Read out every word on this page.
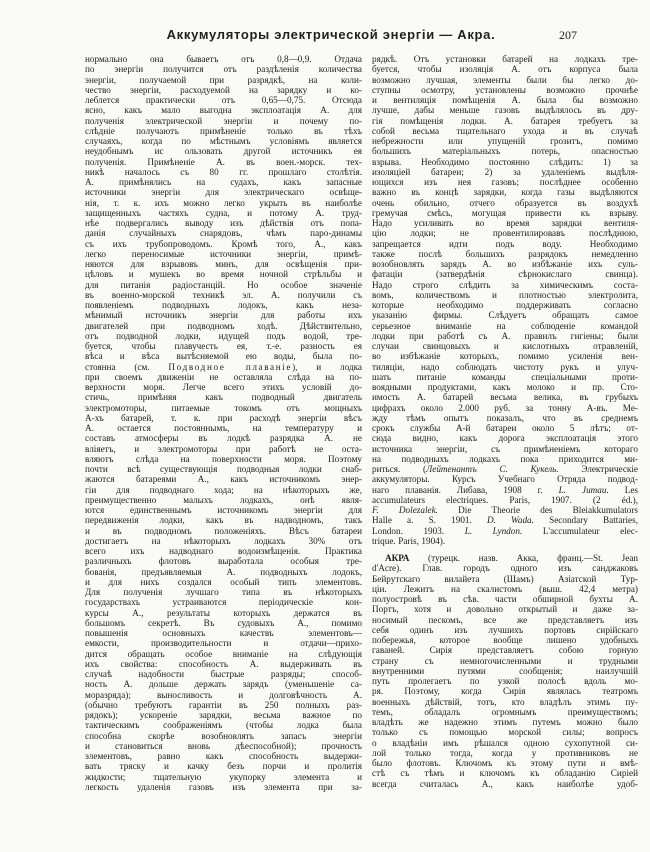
Аккумуляторы электрической энергіи — Акра.	207
нормально она бываетъ отъ 0,8—0,9. Отдача
по энергіи получится отъ раздѣленія количества
энергіи, получаемой при разрядкѣ, на коли-
чество энергіи, расходуемой на зарядку и ко-
леблется практически отъ 0,65—0,75. Отсюда
ясно, какъ мало выгодна эксплоатація А. для
полученія электрической энергіи и почему по-
слѣдніе получаютъ примѣненіе только въ тѣхъ
случаяхъ, когда по мѣстнымъ условіямъ является
неудобнымъ ис ользовать другой источникъ ея
полученія. Примѣненіе А. въ воен.-морск. тех-
никѣ началось съ 80 гг. прошлаго столѣтія.
А. примѣнялись на судахъ, какъ запасные
источники энергіи для электрическаго освѣще-
нія, т. к. ихъ можно легко укрыть въ наиболѣе
защищенныхъ частяхъ судна, и потому А. труд-
нѣе подвергались выводу изъ дѣйствія отъ попа-
данія случайныхъ снарядовъ, чѣмъ паро-динамы
съ ихъ трубопроводомъ. Кромѣ того, А., какъ
легко переносимые источники энергіи, примѣ-
няются для взрывовъ минъ, для освѣщенія при-
цѣловъ и мушекъ во время ночной стрѣльбы и
для питанія радіостанцій. Но особое значеніе
въ военно-морской техникѣ эл. А. получили съ
появленіемъ подводныхъ лодокъ, какъ неза-
мѣнимый источникъ энергіи для работы ихъ
двигателей при подводномъ ходѣ. Дѣйствительно,
отъ подводной лодки, идущей подъ водой, тре-
буется, чтобы плавучесть ея, т.-е. разность ея
вѣса и вѣса вытѣсняемой ею воды, была по-
стоянна (см. Подводное плаваніе), и лодка
при своемъ движеніи не оставляла слѣда на по-
верхности моря. Легче всего этихъ условій до-
стичь, примѣняя какъ подводный двигатель
электромоторы, питаемые токомъ отъ мощныхъ
А-хъ батарей, т. к. при расходѣ энергіи вѣсъ
А. остается постояннымъ, на температуру и
составъ атмосферы въ лодкѣ разрядка А. не
вліяетъ, и электромоторы при работѣ не оста-
вляютъ слѣда на поверхности моря. Поэтому
почти всѣ существующія подводныя лодки снаб-
жаются батареями А., какъ источникомъ энер-
гіи для подводнаго хода; на нѣкоторыхъ же,
преимущественно малыхъ лодкахъ, онѣ явля-
ются единственнымъ источникомъ энергіи для
передвиженія лодки, какъ въ надводномъ, такъ
и въ подводномъ положеніяхъ. Вѣсъ батареи
достигаетъ на нѣкоторыхъ лодкахъ 30% отъ
всего ихъ надводнаго водоизмѣщенія. Практика
различныхъ флотовъ выработала особыя тре-
бованія, предъявляемыя А. подводныхъ лодокъ,
и для нихъ создался особый типъ элементовъ.
Для полученія лучшаго типа въ нѣкоторыхъ
государствахъ устраиваются періодическіе кон-
курсы А., результаты которыхъ держатся въ
большомъ секретѣ. Въ судовыхъ А., помимо
повышенія основныхъ качествъ элементовъ—
емкости, производительности и отдачи—прихо-
дится обращать особое вниманіе на слѣдующія
ихъ свойства: способность А. выдерживать въ
случаѣ надобности быстрые разряды; способ-
ность А. дольше держать зарядъ (уменьшеніе са-
моразряда); выносливость и долговѣчность А.
(обычно требуютъ гарантіи въ 250 полныхъ раз-
рядокъ); ускореніе зарядки, весьма важное по
тактическимъ соображеніямъ (чтобы лодка была
способна скорѣе возобновлять запасъ энергіи
и становиться вновь дѣеспособной); прочность
элементовъ, равно какъ способность выдержи-
вать тряску и качку безъ порчи и пролитія
жидкости; тщательную укупорку элемента и
легкость удаленія газовъ изъ элемента при за-
рядкѣ. Отъ установки батарей на лодкахъ тре-
буется, чтобы изоляція А. отъ корпуса была
возможно лучшая, элементы были бы легко до-
ступны осмотру, установлены возможно прочнѣе
и вентиляція помѣщенія А. была бы возможно
лучше, дабы меньше газовъ выдѣлялось въ дру-
гія помѣщенія лодки. А. батарея требуетъ за
собой весьма тщательнаго ухода и въ случаѣ
небрежности или упущеній грозитъ, помимо
большихъ матеріальныхъ потерь, опасностью
взрыва. Необходимо постоянно слѣдить: 1) за
изоляціей батареи; 2) за удаленіемъ выдѣля-
ющихся изъ нея газовъ; послѣднее особенно
важно въ концѣ зарядки, когда газы выдѣляются
очень обильно, отчего образуется въ воздухѣ
гремучая смѣсь, могущая привести къ взрыву.
Надо усиливать во время зарядки вентиля-
цію лодки; не провентилировавъ послѣднюю,
запрещается идти подъ воду. Необходимо
также послѣ большихъ разрядокъ немедленно
возобновлять зарядъ А. во избѣжаніе ихъ суль-
фатаціи (затвердѣнія сѣрнокислаго свинца).
Надо строго слѣдить за химическимъ соста-
вомъ, количествомъ и плотностью электролита,
которые необходимо поддерживать согласно
указанію фирмы. Слѣдуетъ обращать самое
серьезное вниманіе на соблюденіе командой
лодки при работѣ съ А. правилъ гигіены; были
случаи свинцовыхъ и кислотныхъ отравленій,
во избѣжаніе которыхъ, помимо усиленія вен-
тиляціи, надо соблюдать чистоту рукъ и улуч-
шать питаніе команды спеціальными проти-
воядными продуктами, какъ молоко и пр. Сто-
имость А. батарей весьма велика, въ грубыхъ
цифрахъ около 2.000 руб. за тонну А-въ. Ме-
жду тѣмъ опытъ показалъ, что въ среднемъ
срокъ службы А-й батареи около 5 лѣтъ; от-
сюда видно, какъ дорога эксплоатація этого
источника энергіи, съ примѣненіемъ котораго
на подводныхъ лодкахъ пока приходится ми-
риться. (Лейтенантъ С. Кукель. Электрическіе
аккумуляторы. Курсъ Учебнаго Отряда подвод-
наго плаванія. Либава, 1908 г. L. Jumau. Les
accumulateurs electriques. Paris, 1907. (2 éd.),
F. Dolezalek. Die Theorie des Bleiakkumulators
Halle a. S. 1901. D. Wada. Secondary Battaries,
London. 1903. L. Lyndon. L'accumulateur elec-
trique. Paris, 1904).
АКРА (турецк. назв. Акка, франц.—St. Jean
d'Acre). Глав. городъ одного изъ санджаковъ
Бейрутскаго вилайета (Шамъ) Азіатской Тур-
ціи. Лежитъ на скалистомъ (выш. 42,4 метра)
полуостровѣ въ сѣв. части обширной бухты А.
Портъ, хотя и довольно открытый и даже за-
носимый пескомъ, все же представляетъ изъ
себя одинъ изъ лучшихъ портовъ сирійскаго
побережья, которое вообще лишено удобныхъ
гаваней. Сирія представляетъ собою горную
страну съ немногочисленными и трудными
внутренними путями сообщенія; наилучшій
путь пролегаетъ по узкой полосѣ вдоль мо-
ря. Поэтому, когда Сирія являлась театромъ
военныхъ дѣйствій, тотъ, кто владѣлъ этимъ пу-
темъ, обладалъ огромнымъ преимуществомъ;
владѣть же надежно этимъ путемъ можно было
только съ помощью морской силы; вопросъ
о владѣніи имъ рѣшался одною сухопутной си-
лой только тогда, когда у противниковъ не
было флотовъ. Ключомъ къ этому пути и вмѣ-
стѣ съ тѣмъ и ключомъ къ обладанію Сиріей
всегда считалась А., какъ наиболѣе удоб-
